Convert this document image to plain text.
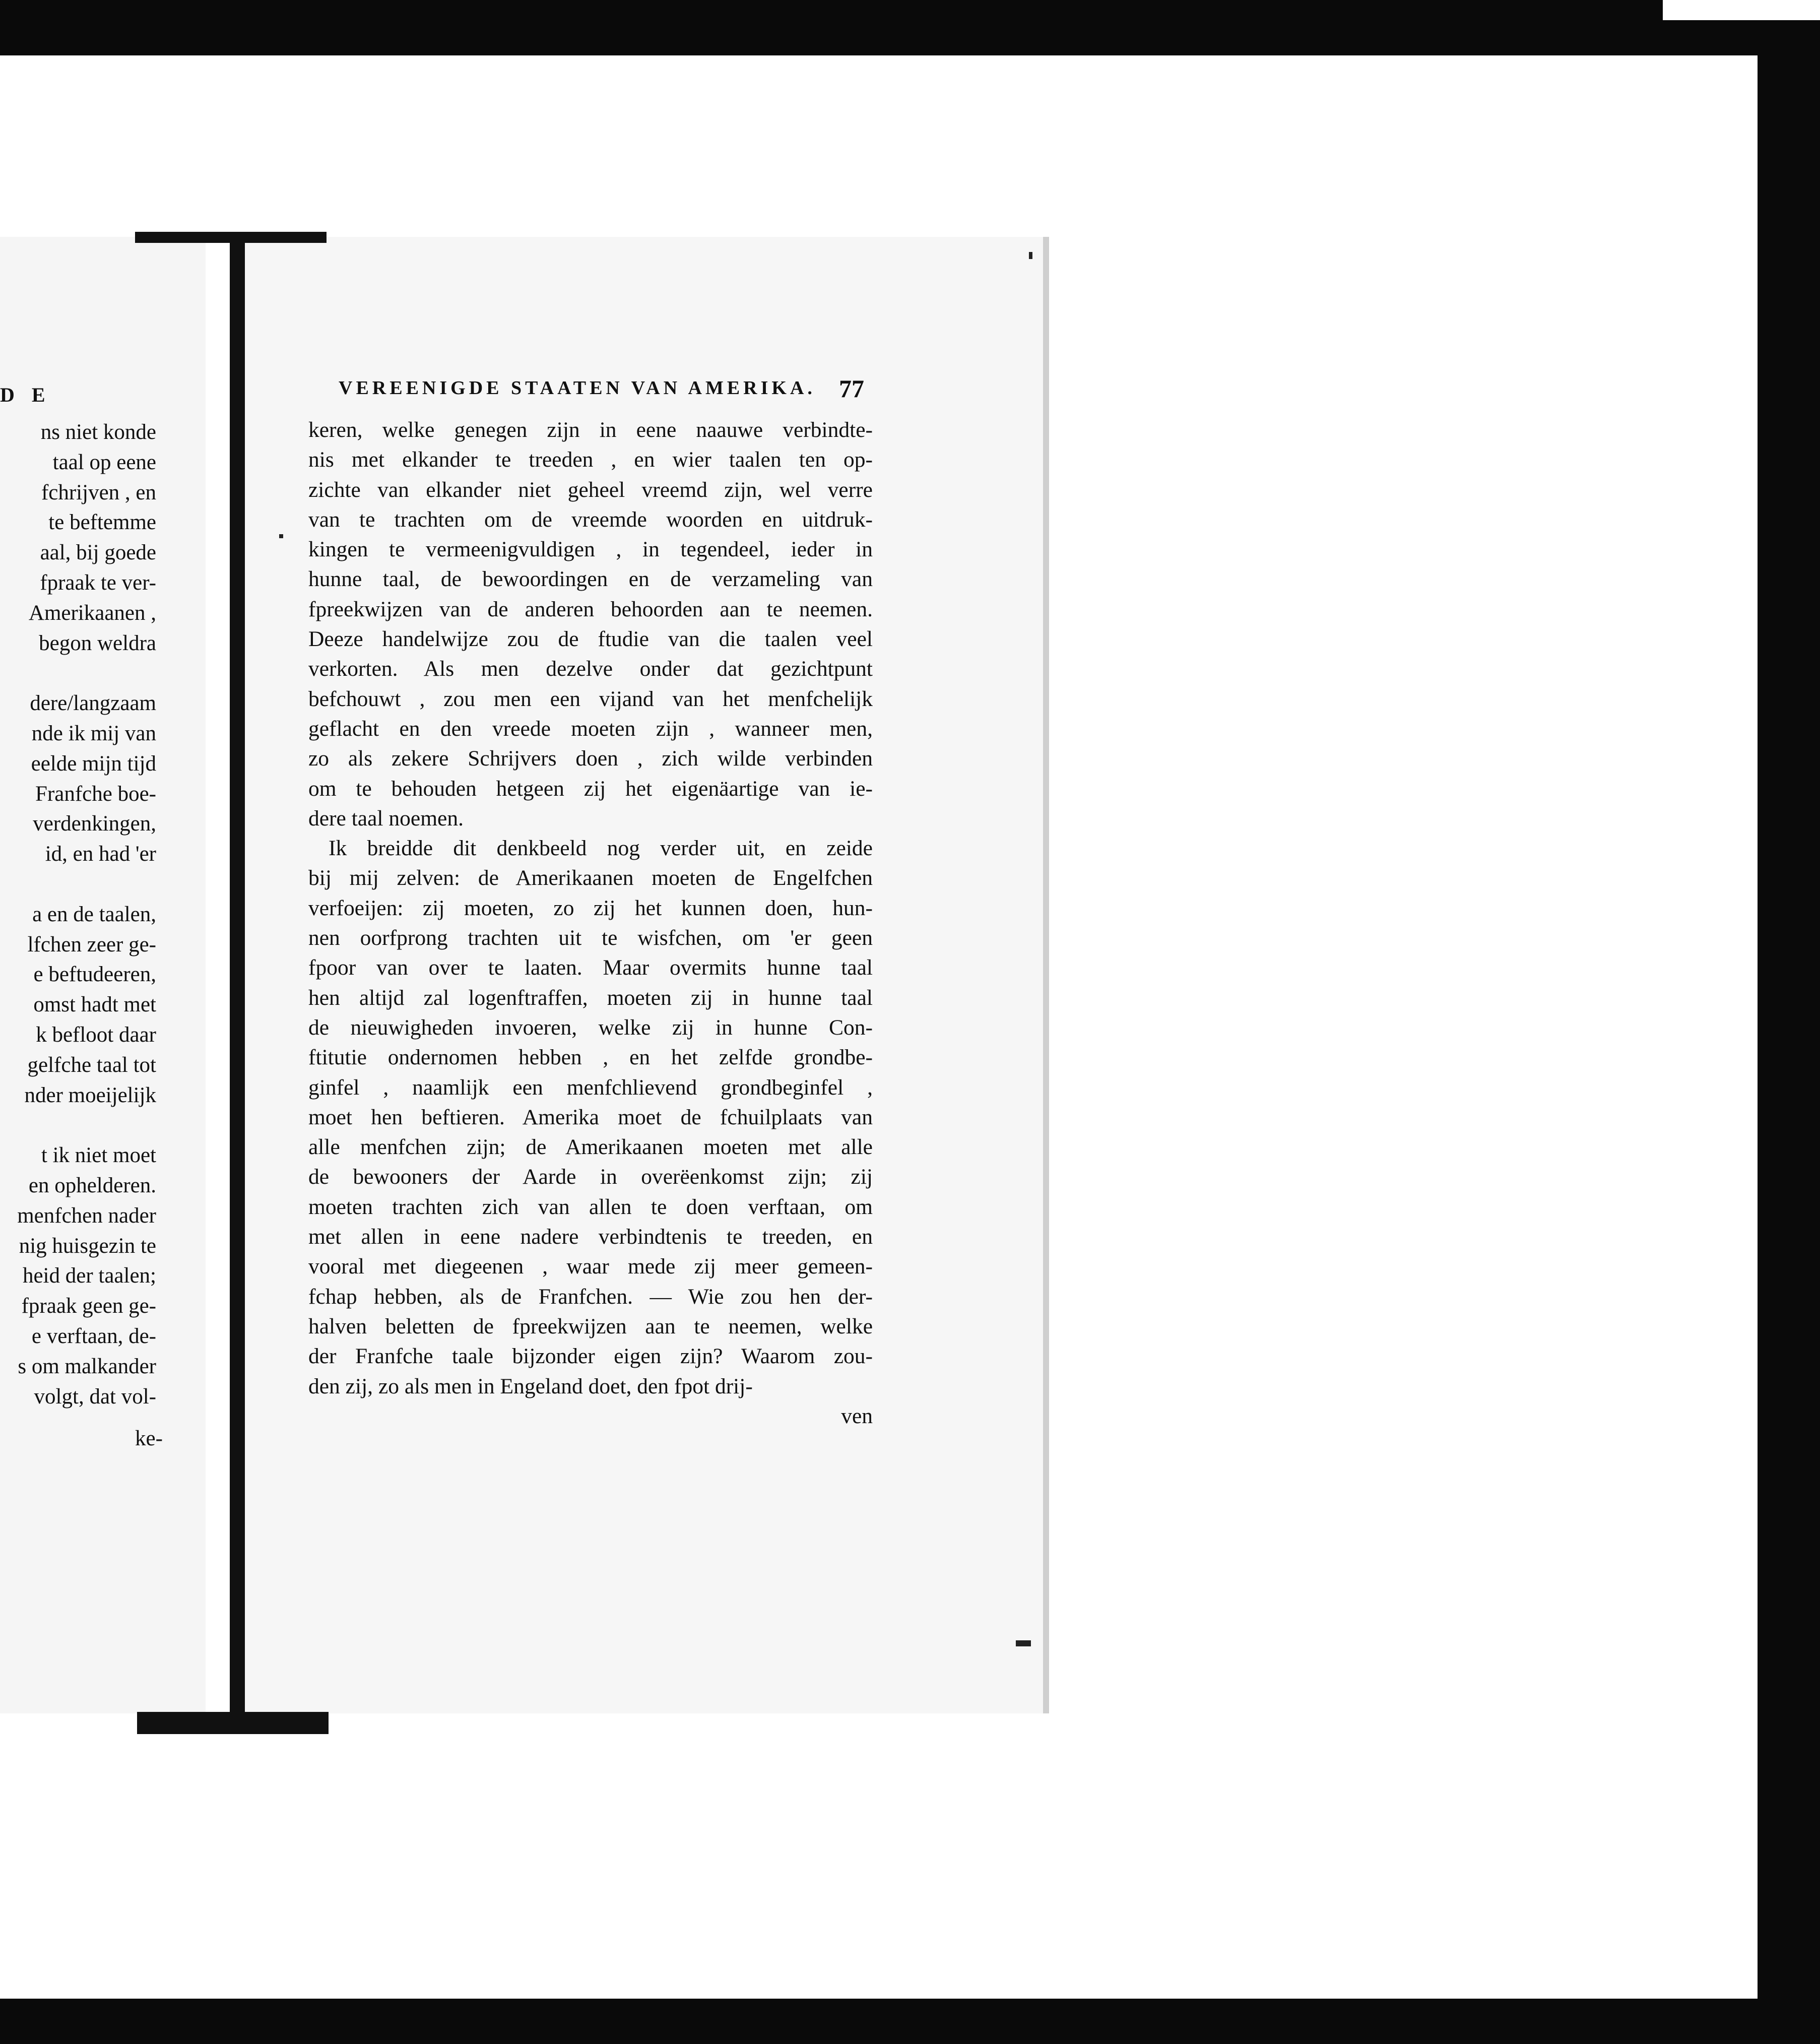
D E
ns niet konde
taal op eene
fchrijven , en
te beftemme
aal, bij goede
fpraak te ver-
Amerikaanen ,
begon weldra

dere/langzaam
nde ik mij van
eelde mijn tijd
Franfche boe-
verdenkingen,
id, en had 'er

a en de taalen,
lfchen zeer ge-
e beftudeeren,
omst hadt met
k befloot daar
gelfche taal tot
nder moeijelijk

t ik niet moet
en ophelderen.
menfchen nader
nig huisgezin te
heid der taalen;
fpraak geen ge-
e verftaan, de-
s om malkander
volgt, dat vol-
ke-
VEREENIGDE STAATEN VAN AMERIKA. 77
keren, welke genegen zijn in eene naauwe verbindte-
nis met elkander te treeden , en wier taalen ten op-
zichte van elkander niet geheel vreemd zijn, wel verre
van te trachten om de vreemde woorden en uitdruk-
kingen te vermeenigvuldigen , in tegendeel, ieder in
hunne taal, de bewoordingen en de verzameling van
fpreekwijzen van de anderen behoorden aan te neemen.
Deeze handelwijze zou de ftudie van die taalen veel
verkorten. Als men dezelve onder dat gezichtpunt
befchouwt , zou men een vijand van het menfchelijk
geflacht en den vreede moeten zijn , wanneer men,
zo als zekere Schrijvers doen , zich wilde verbinden
om te behouden hetgeen zij het eigenäartige van ie-
dere taal noemen.
Ik breidde dit denkbeeld nog verder uit, en zeide
bij mij zelven: de Amerikaanen moeten de Engelfchen
verfoeijen: zij moeten, zo zij het kunnen doen, hun-
nen oorfprong trachten uit te wisfchen, om 'er geen
fpoor van over te laaten. Maar overmits hunne taal
hen altijd zal logenftraffen, moeten zij in hunne taal
de nieuwigheden invoeren, welke zij in hunne Con-
ftitutie ondernomen hebben , en het zelfde grondbe-
ginfel , naamlijk een menfchlievend grondbeginfel ,
moet hen beftieren. Amerika moet de fchuilplaats van
alle menfchen zijn; de Amerikaanen moeten met alle
de bewooners der Aarde in overëenkomst zijn; zij
moeten trachten zich van allen te doen verftaan, om
met allen in eene nadere verbindtenis te treeden, en
vooral met diegeenen , waar mede zij meer gemeen-
fchap hebben, als de Franfchen. — Wie zou hen der-
halven beletten de fpreekwijzen aan te neemen, welke
der Franfche taale bijzonder eigen zijn? Waarom zou-
den zij, zo als men in Engeland doet, den fpot drij-
ven
